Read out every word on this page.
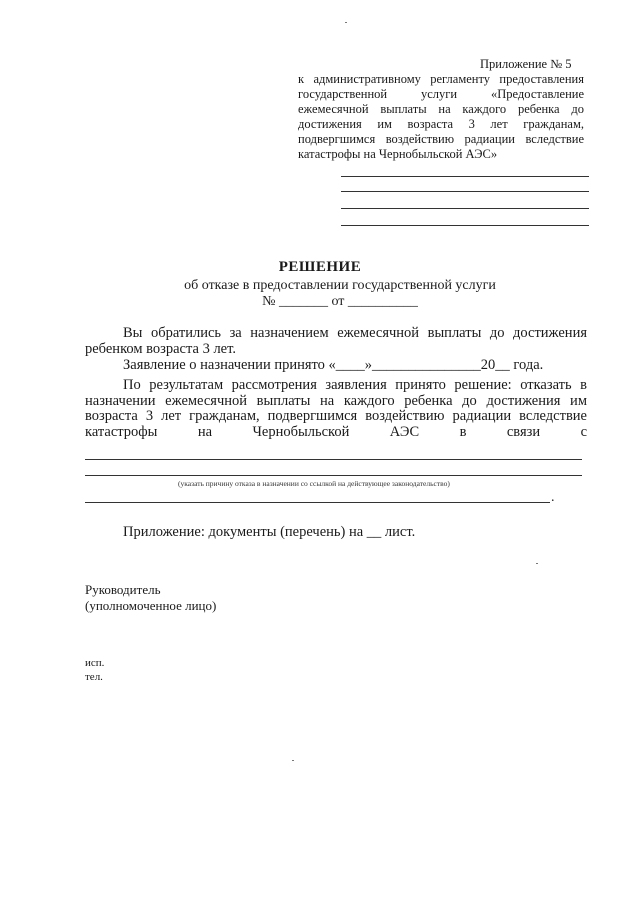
Приложение № 5

к административному регламенту предоставления

государственной услуги «Предоставление

ежемесячной выплаты на каждого ребенка до

достижения им возраста 3 лет гражданам,

подвергшимся воздействию радиации вследствие

катастрофы на Чернобыльской АЭС»

РЕШЕНИЕ
об отказе в предоставлении государственной услуги
№ _______ от __________

Вы обратились за назначением ежемесячной выплаты до достижения ребенком возраста 3 лет.

Заявление о назначении принято «____»_______________20__ года.

По результатам рассмотрения заявления принято решение: отказать в назначении ежемесячной выплаты на каждого ребенка до достижения им возраста 3 лет гражданам, подвергшимся воздействию радиации вследствие катастрофы на Чернобыльской АЭС в связи с

(указать причину отказа в назначении со ссылкой на действующее законодательство)
.
Приложение: документы (перечень) на __ лист.
Руководитель
(уполномоченное лицо)
исп.
тел.
